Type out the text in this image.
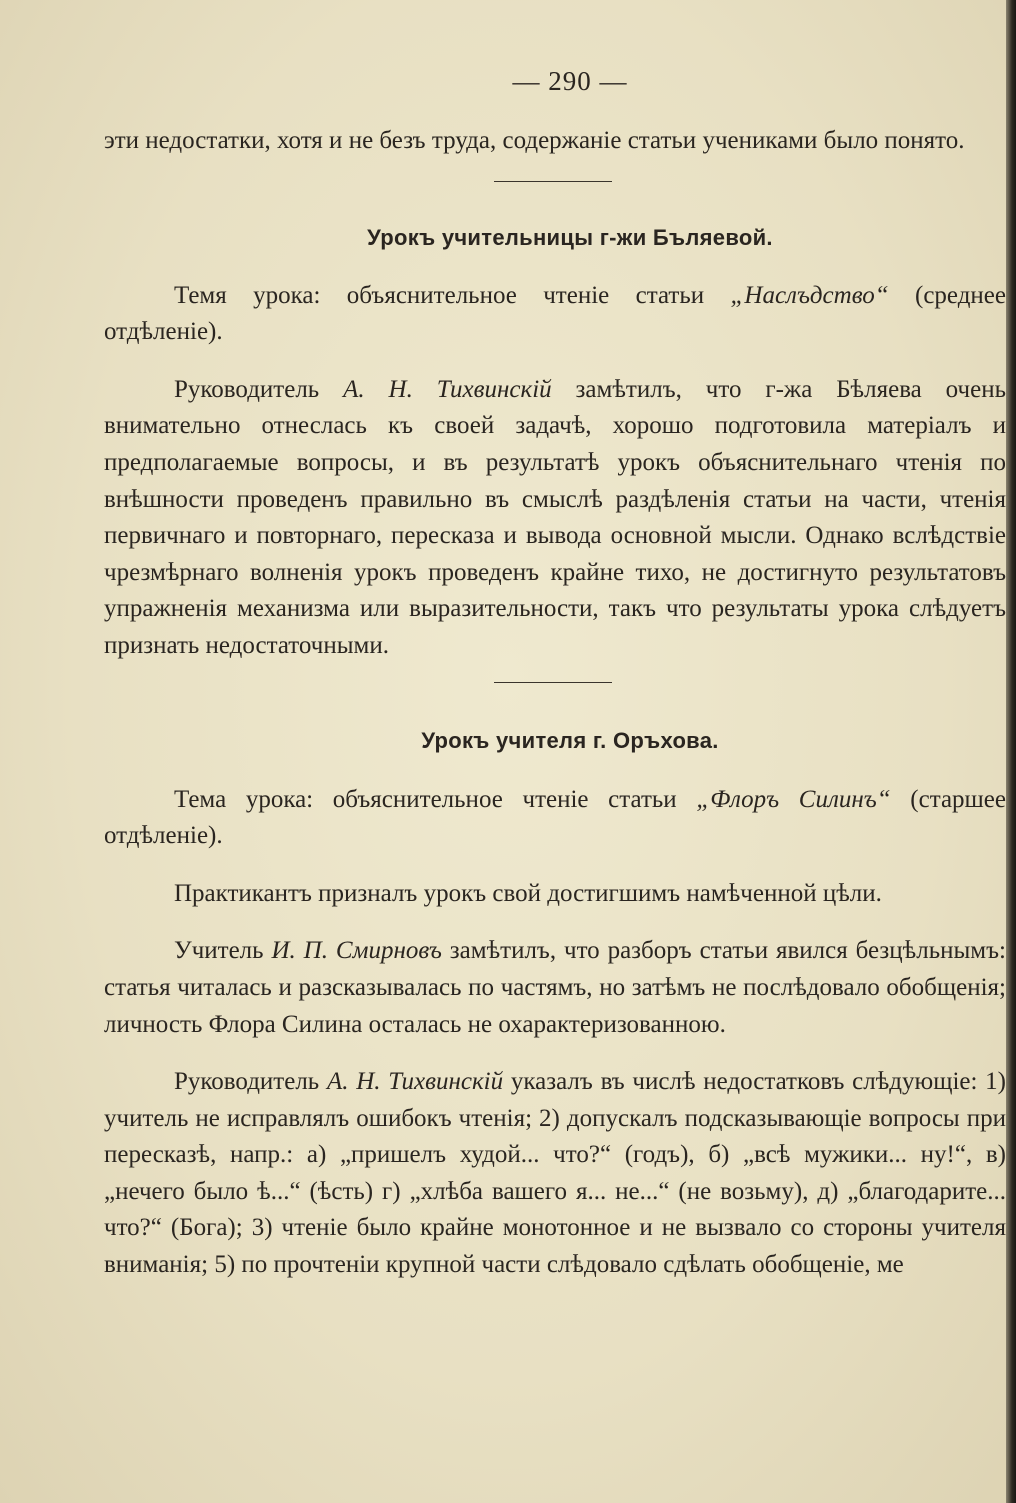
— 290 —

эти недостатки, хотя и не безъ труда, содержаніе статьи учениками было понято.

Урокъ учительницы г-жи Бъляевой.

Темя урока: объяснительное чтеніе статьи „Наслъдство“ (среднее отдѣленіе).

Руководитель А. Н. Тихвинскій замѣтилъ, что г-жа Бѣляева очень внимательно отнеслась къ своей задачѣ, хорошо подготовила матеріалъ и предполагаемые вопросы, и въ результатѣ урокъ объяснительнаго чтенія по внѣшности проведенъ правильно въ смыслѣ раздѣленія статьи на части, чтенія первичнаго и повторнаго, пересказа и вывода основной мысли. Однако вслѣдствіе чрезмѣрнаго волненія урокъ проведенъ крайне тихо, не достигнуто результатовъ упражненія механизма или выразительности, такъ что результаты урока слѣдуетъ признать недостаточными.

Урокъ учителя г. Оръхова.

Тема урока: объяснительное чтеніе статьи „Флоръ Силинъ“ (старшее отдѣленіе).

Практикантъ призналъ урокъ свой достигшимъ намѣченной цѣли.

Учитель И. П. Смирновъ замѣтилъ, что разборъ статьи явился безцѣльнымъ: статья читалась и разсказывалась по частямъ, но затѣмъ не послѣдовало обобщенія; личность Флора Силина осталась не охарактеризованною.

Руководитель А. Н. Тихвинскій указалъ въ числѣ недостатковъ слѣдующіе: 1) учитель не исправлялъ ошибокъ чтенія; 2) допускалъ подсказывающіе вопросы при пересказѣ, напр.: а) „пришелъ худой... что?“ (годъ), б) „всѣ мужики... ну!“, в) „нечего было ѣ...“ (ѣсть) г) „хлѣба вашего я... не...“ (не возьму), д) „благодарите... что?“ (Бога); 3) чтеніе было крайне монотонное и не вызвало со стороны учителя вниманія; 5) по прочтеніи крупной части слѣдовало сдѣлать обобщеніе, ме
